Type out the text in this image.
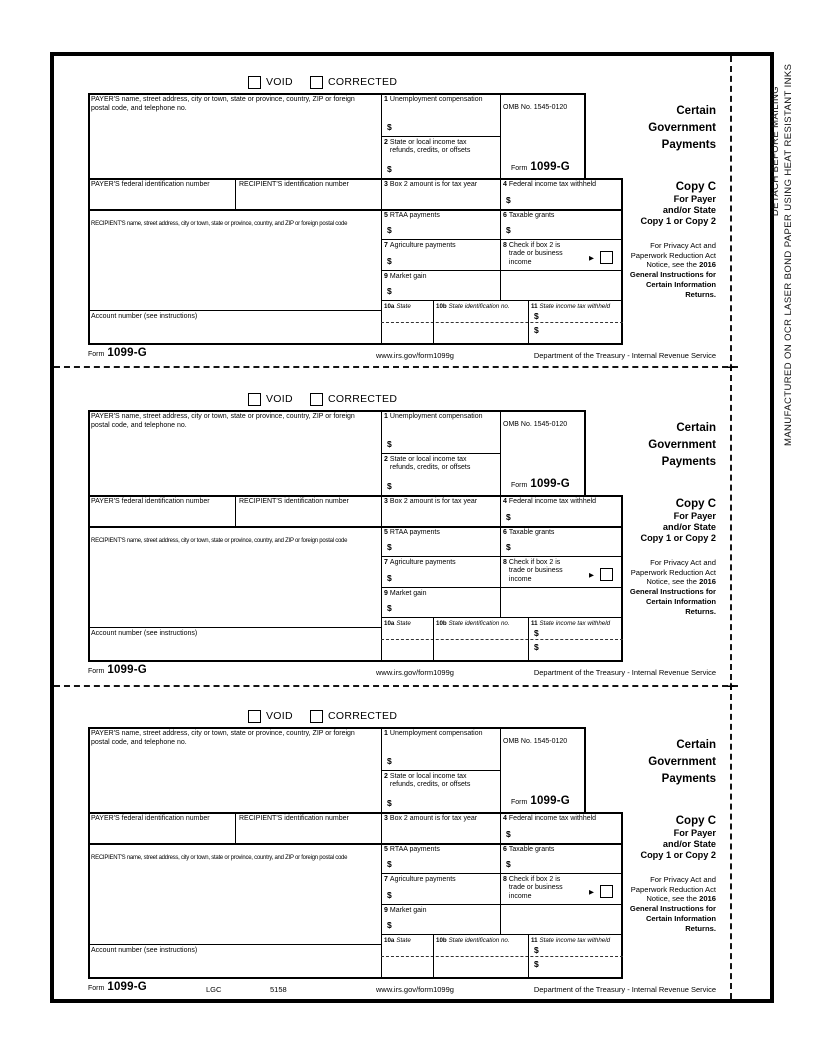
+
+
DETACH BEFORE MAILING MANUFACTURED ON OCR LASER BOND PAPER USING HEAT RESISTANT INKS
VOID	CORRECTED
PAYER'S name, street address, city or town, state or province, country, ZIP or foreign postal code, and telephone no.
PAYER'S federal identification number	RECIPIENT'S identification number
RECIPIENT'S name, street address, city or town, state or province, country, and ZIP or foreign postal code
Account number (see instructions)
1 Unemployment compensation
$
2 State or local income tax refunds, credits, or offsets
$
OMB No. 1545-0120
Form 1099-G
3 Box 2 amount is for tax year	4 Federal income tax withheld
$
5 RTAA payments
$
6 Taxable grants
$
7 Agriculture payments
$
8 Check if box 2 is trade or business income
▶
9 Market gain
$
10a State	10b State identification no.	11 State income tax withheld
$
$
Certain Government Payments
Copy C
For Payer
and/or State
Copy 1 or Copy 2
For Privacy Act and Paperwork Reduction Act Notice, see the 2016 General Instructions for Certain Information Returns.
Form 1099-G	www.irs.gov/form1099g	Department of the Treasury - Internal Revenue Service
VOID	CORRECTED
PAYER'S name, street address, city or town, state or province, country, ZIP or foreign postal code, and telephone no.
PAYER'S federal identification number	RECIPIENT'S identification number
RECIPIENT'S name, street address, city or town, state or province, country, and ZIP or foreign postal code
Account number (see instructions)
1 Unemployment compensation
$
2 State or local income tax refunds, credits, or offsets
$
OMB No. 1545-0120
Form 1099-G
3 Box 2 amount is for tax year	4 Federal income tax withheld
$
5 RTAA payments
$
6 Taxable grants
$
7 Agriculture payments
$
8 Check if box 2 is trade or business income
▶
9 Market gain
$
10a State	10b State identification no.	11 State income tax withheld
$
$
Certain Government Payments
Copy C
For Payer
and/or State
Copy 1 or Copy 2
For Privacy Act and Paperwork Reduction Act Notice, see the 2016 General Instructions for Certain Information Returns.
Form 1099-G	www.irs.gov/form1099g	Department of the Treasury - Internal Revenue Service
VOID	CORRECTED
PAYER'S name, street address, city or town, state or province, country, ZIP or foreign postal code, and telephone no.
PAYER'S federal identification number	RECIPIENT'S identification number
RECIPIENT'S name, street address, city or town, state or province, country, and ZIP or foreign postal code
Account number (see instructions)
1 Unemployment compensation
$
2 State or local income tax refunds, credits, or offsets
$
OMB No. 1545-0120
Form 1099-G
3 Box 2 amount is for tax year	4 Federal income tax withheld
$
5 RTAA payments
$
6 Taxable grants
$
7 Agriculture payments
$
8 Check if box 2 is trade or business income
▶
9 Market gain
$
10a State	10b State identification no.	11 State income tax withheld
$
$
Certain Government Payments
Copy C
For Payer
and/or State
Copy 1 or Copy 2
For Privacy Act and Paperwork Reduction Act Notice, see the 2016 General Instructions for Certain Information Returns.
Form 1099-G	LGC	5158	www.irs.gov/form1099g	Department of the Treasury - Internal Revenue Service
